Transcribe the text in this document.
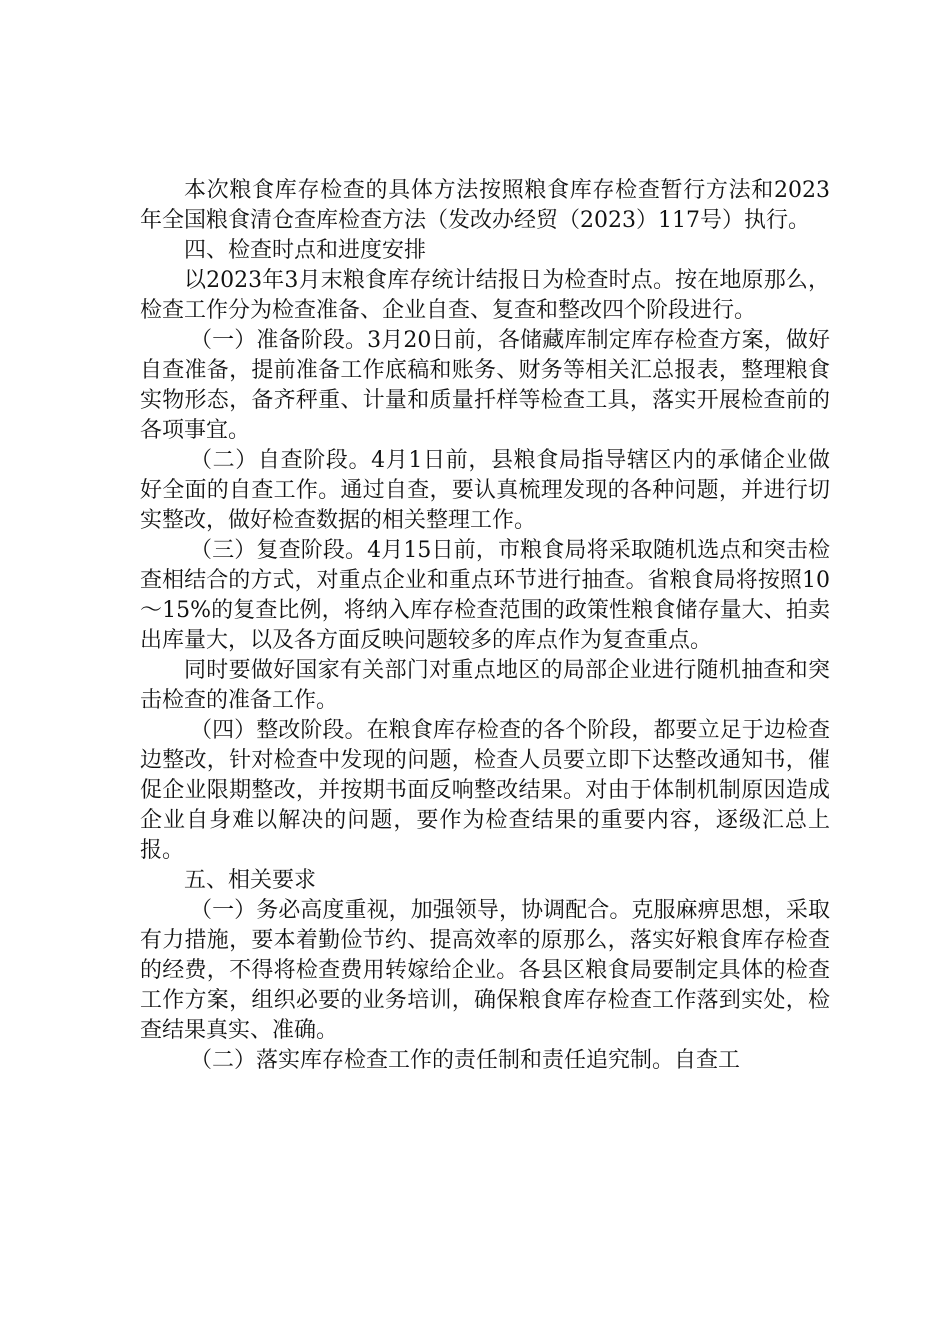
本次粮食库存检查的具体方法按照粮食库存检查暂行方法和2023年全国粮食清仓查库检查方法（发改办经贸（2023）117号）执行。

四、检查时点和进度安排

以2023年3月末粮食库存统计结报日为检查时点。按在地原那么，检查工作分为检查准备、企业自查、复查和整改四个阶段进行。

（一）准备阶段。3月20日前，各储藏库制定库存检查方案，做好自查准备，提前准备工作底稿和账务、财务等相关汇总报表，整理粮食实物形态，备齐秤重、计量和质量扦样等检查工具，落实开展检查前的各项事宜。

（二）自查阶段。4月1日前，县粮食局指导辖区内的承储企业做好全面的自查工作。通过自查，要认真梳理发现的各种问题，并进行切实整改，做好检查数据的相关整理工作。

（三）复查阶段。4月15日前，市粮食局将采取随机选点和突击检查相结合的方式，对重点企业和重点环节进行抽查。省粮食局将按照10～15%的复查比例，将纳入库存检查范围的政策性粮食储存量大、拍卖出库量大，以及各方面反映问题较多的库点作为复查重点。

同时要做好国家有关部门对重点地区的局部企业进行随机抽查和突击检查的准备工作。

（四）整改阶段。在粮食库存检查的各个阶段，都要立足于边检查边整改，针对检查中发现的问题，检查人员要立即下达整改通知书，催促企业限期整改，并按期书面反响整改结果。对由于体制机制原因造成企业自身难以解决的问题，要作为检查结果的重要内容，逐级汇总上报。

五、相关要求

（一）务必高度重视，加强领导，协调配合。克服麻痹思想，采取有力措施，要本着勤俭节约、提高效率的原那么，落实好粮食库存检查的经费，不得将检查费用转嫁给企业。各县区粮食局要制定具体的检查工作方案，组织必要的业务培训，确保粮食库存检查工作落到实处，检查结果真实、准确。

（二）落实库存检查工作的责任制和责任追究制。自查工
